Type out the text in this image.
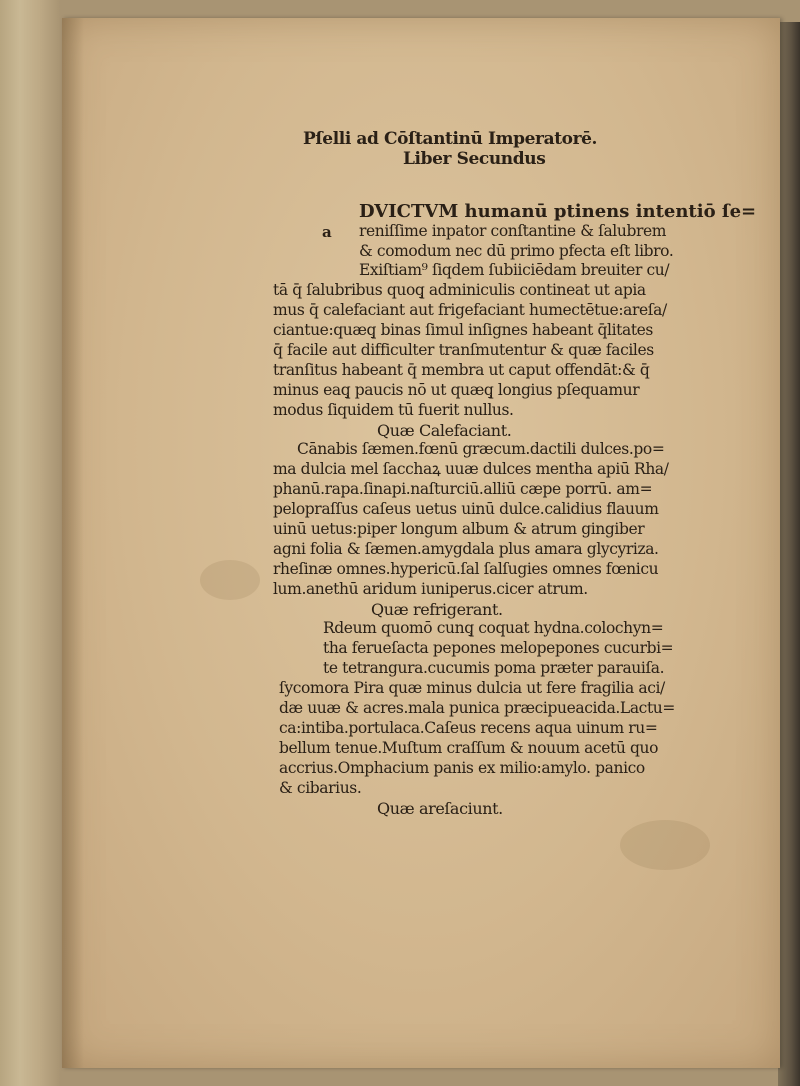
a
Pſelli ad Cōſtantinū Imperatorē.
Liber Secundus
DVICTVM humanū ptinens intentiō ſe=
reniſſime inpator conſtantine & ſalubrem
& comodum nec dū primo pfecta eſt libro.
Exiſtiam⁹ ſiqdem ſubiiciēdam breuiter cu/
tā q̄ ſalubribus quoq̧ adminiculis contineat ut apia
mus q̄ calefaciant aut frigefaciant humectētue:areſa/
ciantue:quæq̧ binas ſimul inſignes habeant q̄litates
q̄ facile aut difficulter tranſmutentur & quæ faciles
tranſitus habeant q̄ membra ut caput offendāt:& q̄
minus eaq̧ paucis nō ut quæq̧ longius pſequamur
modus ſiquidem tū fuerit nullus.
Quæ Calefaciant.
Cānabis ſæmen.fœnū græcum.dactili dulces.po=
ma dulcia mel ſacchaꝝ uuæ dulces mentha apiū Rha/
phanū.rapa.ſinapi.naſturciū.alliū cæpe porrū. am=
pelopraſſus caſeus uetus uinū dulce.calidius flauum
uinū uetus:piper longum album & atrum gingiber
agni folia & ſæmen.amygdala plus amara glycyriza.
rheſinæ omnes.hypericū.ſal ſalſugies omnes fœnicu
lum.anethū aridum iuniperus.cicer atrum.
Quæ refrigerant.
Rdeum quomō cunq̧ coquat hydna.colochyn=
tha ferueſacta pepones melopepones cucurbi=
te tetrangura.cucumis poma præter parauiſa.
ſycomora Pira quæ minus dulcia ut fere fragilia aci/
dæ uuæ & acres.mala punica præcipueacida.Lactu=
ca:intiba.portulaca.Caſeus recens aqua uinum ru=
bellum tenue.Muſtum craſſum & nouum acetū quo
accrius.Omphacium panis ex milio:amylo. panico
& cibarius.
Quæ areſaciunt.
